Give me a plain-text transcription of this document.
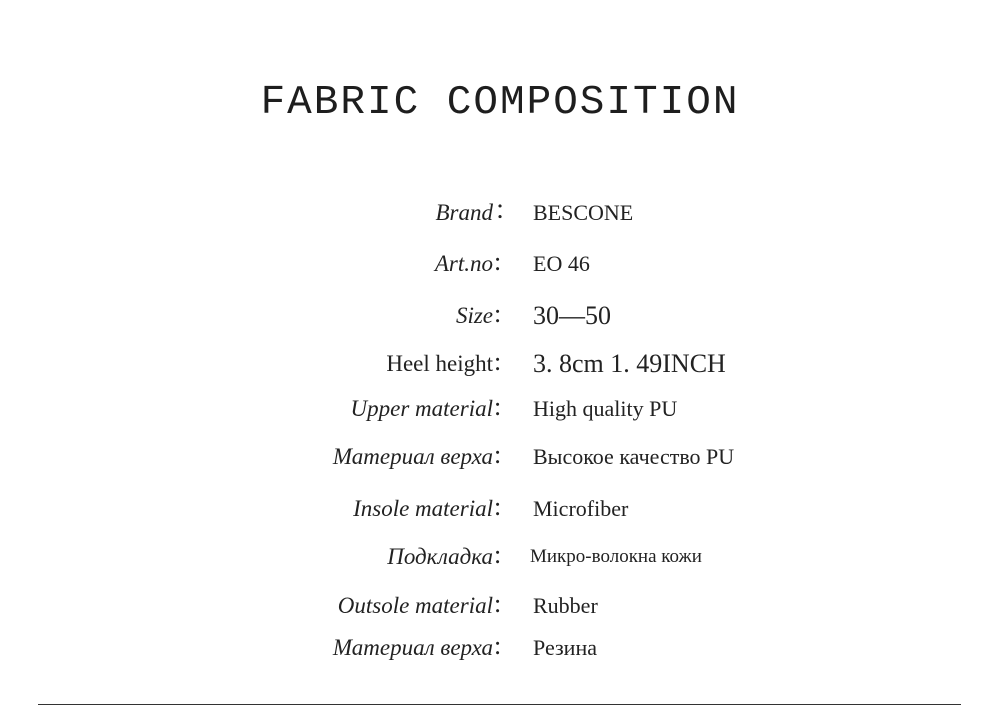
FABRIC COMPOSITION
Brand ： BESCONE
Art.no : EO 46
Size : 30—50
Heel height : 3. 8cm 1. 49INCH
Upper material : High quality PU
Материал верха : Высокое качество PU
Insole material : Microfiber
Подкладка : Микро-волокна кожи
Outsole material : Rubber
Материал верха : Резина
